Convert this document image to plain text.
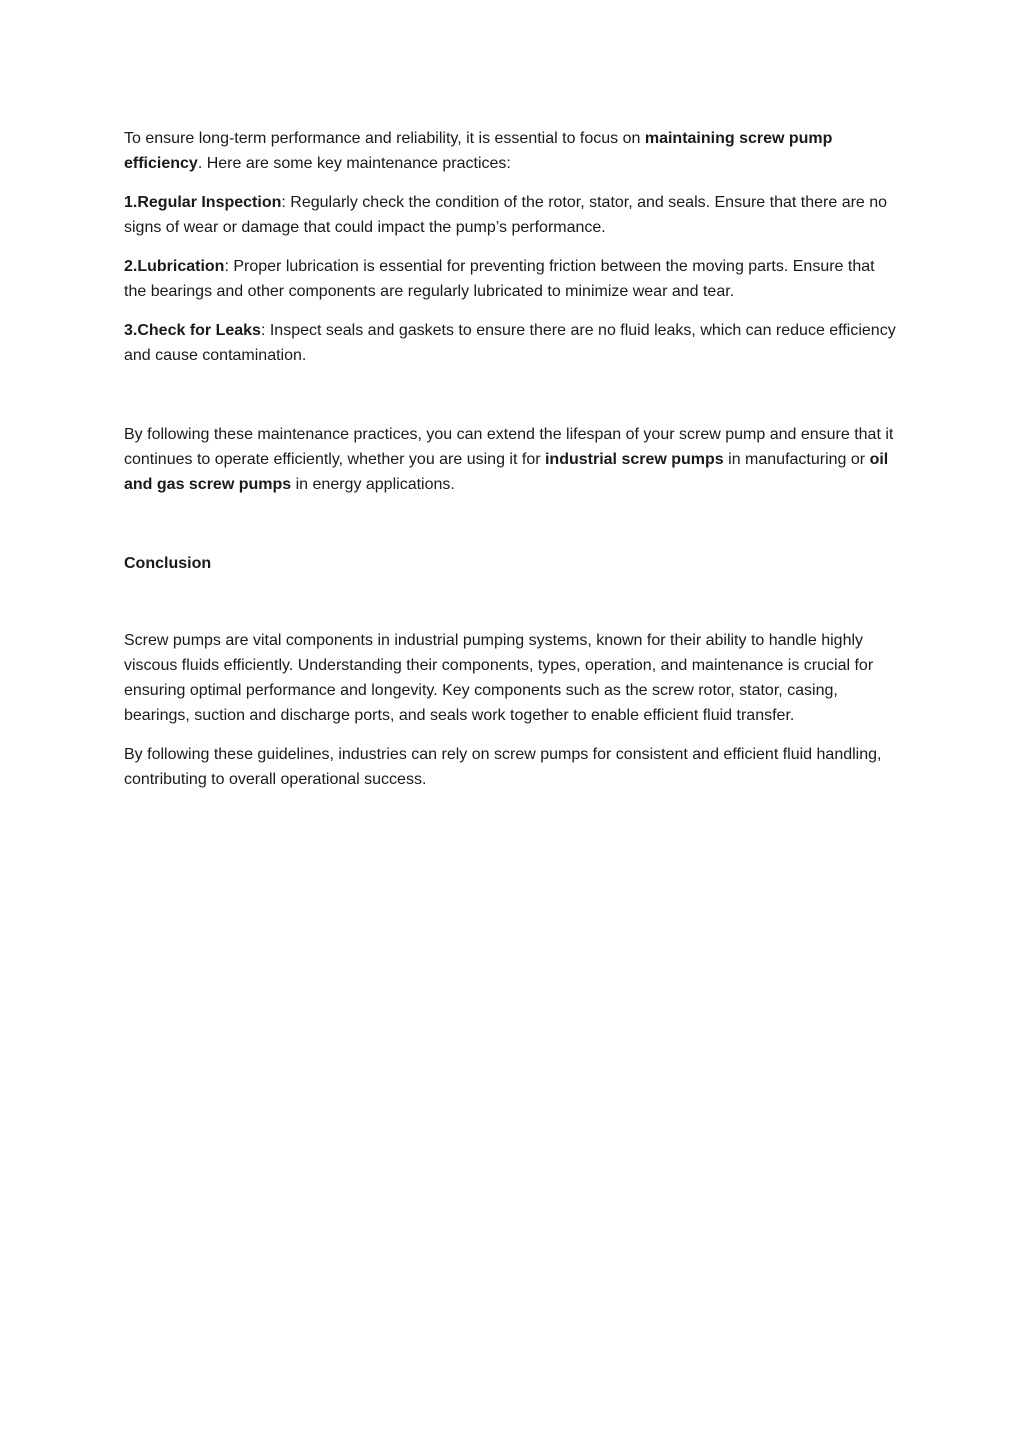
To ensure long-term performance and reliability, it is essential to focus on maintaining screw pump efficiency. Here are some key maintenance practices:

1.Regular Inspection: Regularly check the condition of the rotor, stator, and seals. Ensure that there are no signs of wear or damage that could impact the pump’s performance.

2.Lubrication: Proper lubrication is essential for preventing friction between the moving parts. Ensure that the bearings and other components are regularly lubricated to minimize wear and tear.

3.Check for Leaks: Inspect seals and gaskets to ensure there are no fluid leaks, which can reduce efficiency and cause contamination.

By following these maintenance practices, you can extend the lifespan of your screw pump and ensure that it continues to operate efficiently, whether you are using it for industrial screw pumps in manufacturing or oil and gas screw pumps in energy applications.

Conclusion

Screw pumps are vital components in industrial pumping systems, known for their ability to handle highly viscous fluids efficiently. Understanding their components, types, operation, and maintenance is crucial for ensuring optimal performance and longevity. Key components such as the screw rotor, stator, casing, bearings, suction and discharge ports, and seals work together to enable efficient fluid transfer.

By following these guidelines, industries can rely on screw pumps for consistent and efficient fluid handling, contributing to overall operational success.
